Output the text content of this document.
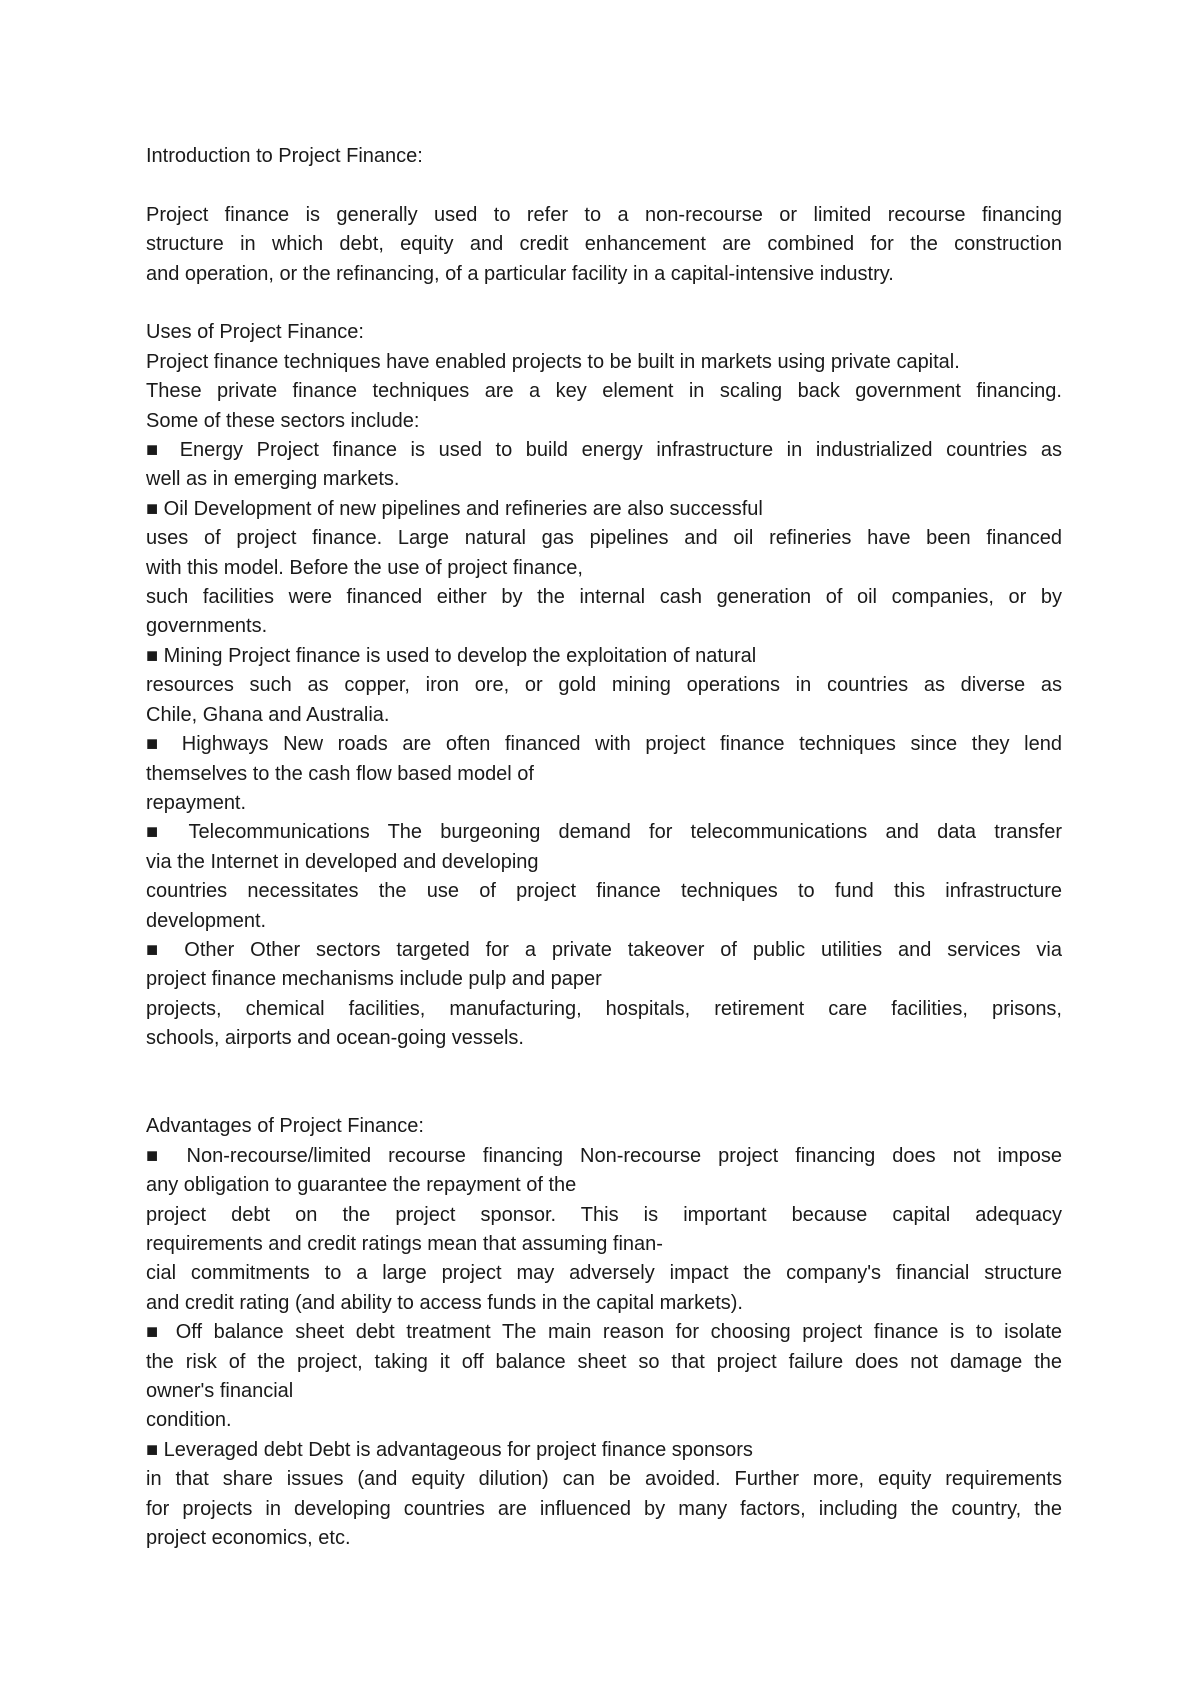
Introduction to Project Finance:
Project finance is generally used to refer to a non-recourse or limited recourse financing
structure in which debt, equity and credit enhancement are combined for the construction
and operation, or the refinancing, of a particular facility in a capital-intensive industry.
Uses of Project Finance:
Project finance techniques have enabled projects to be built in markets using private capital.
These private finance techniques are a key element in scaling back government financing.
Some of these sectors include:
■ Energy Project finance is used to build energy infrastructure in industrialized countries as
well as in emerging markets.
■ Oil Development of new pipelines and refineries are also successful
uses of project finance. Large natural gas pipelines and oil refineries have been financed
with this model. Before the use of project finance,
such facilities were financed either by the internal cash generation of oil companies, or by
governments.
■ Mining Project finance is used to develop the exploitation of natural
resources such as copper, iron ore, or gold mining operations in countries as diverse as
Chile, Ghana and Australia.
■ Highways New roads are often financed with project finance techniques since they lend
themselves to the cash flow based model of
repayment.
■ Telecommunications The burgeoning demand for telecommunications and data transfer
via the Internet in developed and developing
countries necessitates the use of project finance techniques to fund this infrastructure
development.
■ Other Other sectors targeted for a private takeover of public utilities and services via
project finance mechanisms include pulp and paper
projects, chemical facilities, manufacturing, hospitals, retirement care facilities, prisons,
schools, airports and ocean-going vessels.
Advantages of Project Finance:
■ Non-recourse/limited recourse financing Non-recourse project financing does not impose
any obligation to guarantee the repayment of the
project debt on the project sponsor. This is important because capital adequacy
requirements and credit ratings mean that assuming finan-
cial commitments to a large project may adversely impact the company's financial structure
and credit rating (and ability to access funds in the capital markets).
■ Off balance sheet debt treatment The main reason for choosing project finance is to isolate
the risk of the project, taking it off balance sheet so that project failure does not damage the
owner's financial
condition.
■ Leveraged debt Debt is advantageous for project finance sponsors
in that share issues (and equity dilution) can be avoided. Further more, equity requirements
for projects in developing countries are influenced by many factors, including the country, the
project economics, etc.
